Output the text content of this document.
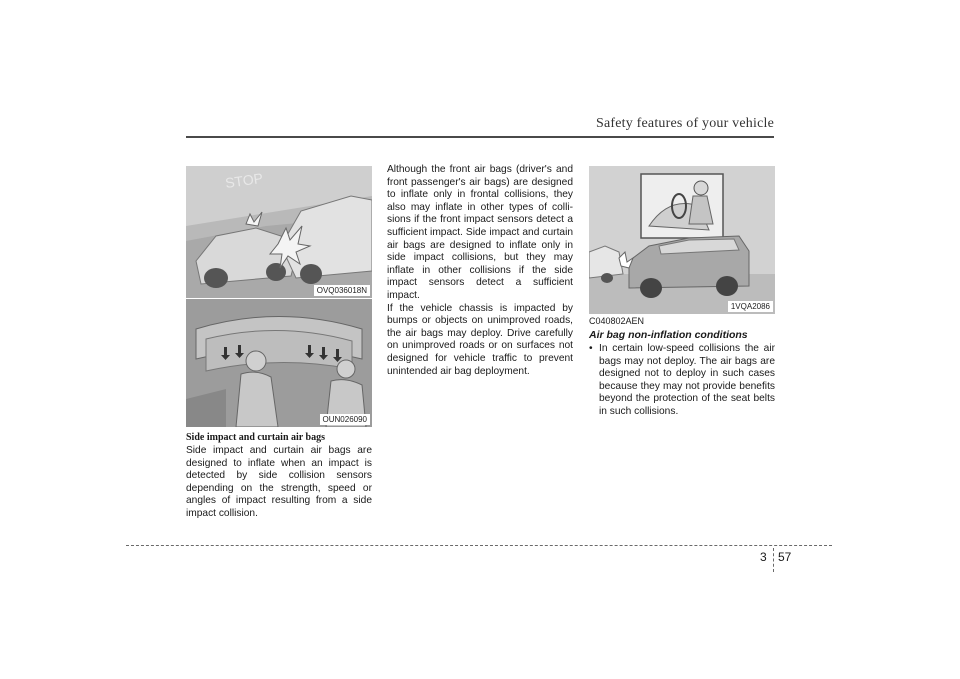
Safety features of your vehicle
STOP
OVQ036018N
OUN026090
1VQA2086
Side impact and curtain air bags

Side impact and curtain air bags are designed to inflate when an impact is detected by side collision sensors depending on the strength, speed or angles of impact resulting from a side impact collision.

Although the front air bags (driver's and front passenger's air bags) are designed to inflate only in frontal collisions, they also may inflate in other types of colli-sions if the front impact sensors detect a sufficient impact. Side impact and curtain air bags are designed to inflate only in side impact collisions, but they may inflate in other collisions if the side impact sensors detect a sufficient impact.

If the vehicle chassis is impacted by bumps or objects on unimproved roads, the air bags may deploy. Drive carefully on unimproved roads or on surfaces not designed for vehicle traffic to prevent unintended air bag deployment.

C040802AEN
Air bag non-inflation conditions
• In certain low-speed collisions the air bags may not deploy. The air bags are designed not to deploy in such cases because they may not provide benefits beyond the protection of the seat belts in such collisions.
3 57
